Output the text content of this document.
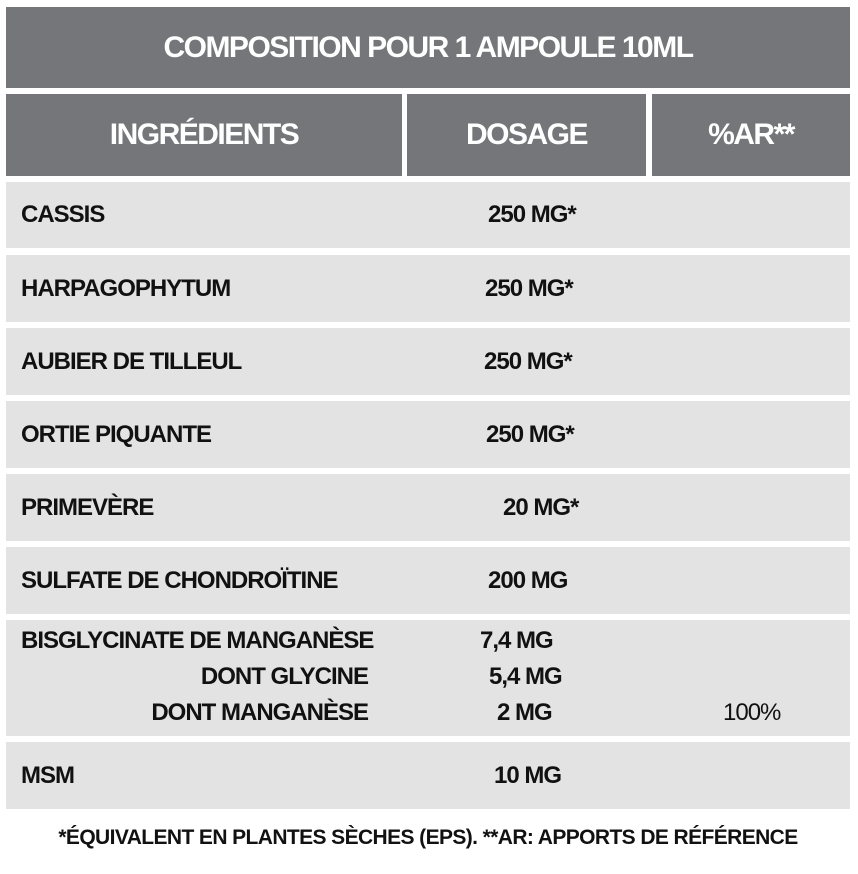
COMPOSITION POUR 1 AMPOULE 10ML
INGRÉDIENTS	DOSAGE	%AR**
CASSIS	250 MG*
HARPAGOPHYTUM	250 MG*
AUBIER DE TILLEUL	250 MG*
ORTIE PIQUANTE	250 MG*
PRIMEVÈRE	20 MG*
SULFATE DE CHONDROÏTINE	200 MG
BISGLYCINATE DE MANGANÈSE	7,4 MG
DONT GLYCINE	5,4 MG
DONT MANGANÈSE	2 MG	100%
MSM	10 MG
*ÉQUIVALENT EN PLANTES SÈCHES (EPS). **AR: APPORTS DE RÉFÉRENCE
